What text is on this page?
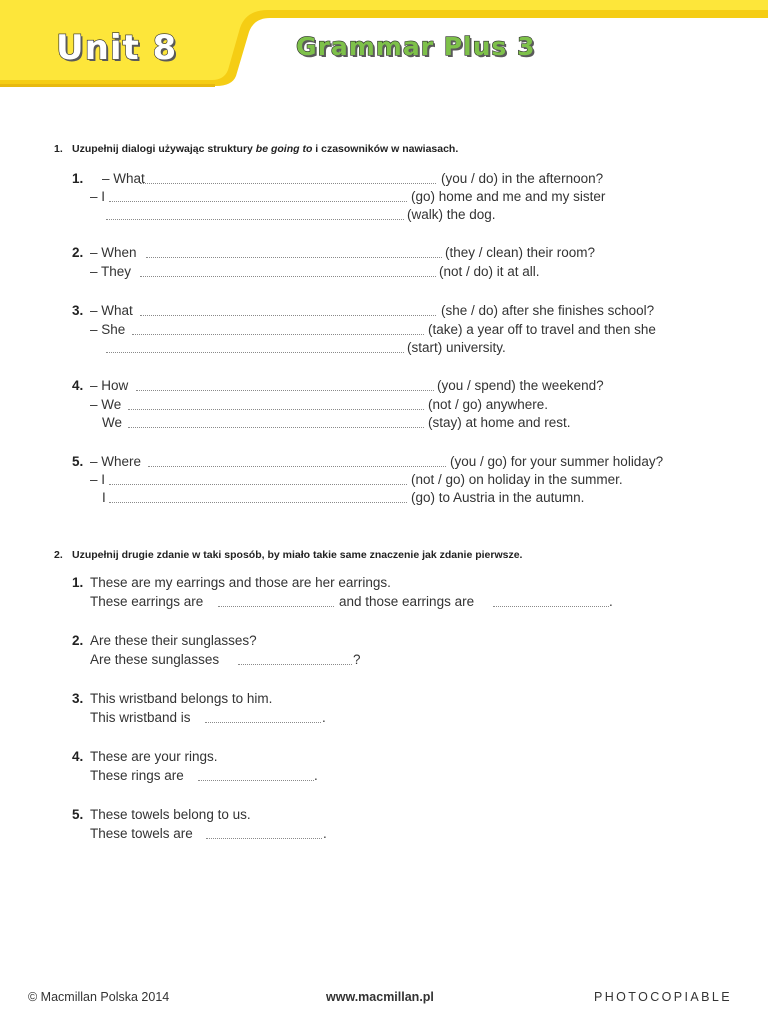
Unit 8	Grammar Plus 3
1. Uzupełnij dialogi używając struktury be going to i czasowników w nawiasach.
1. – What	(you / do) in the afternoon?
– I	(go) home and me and my sister
(walk) the dog.
2. – When	(they / clean) their room?
– They	(not / do) it at all.
3. – What	(she / do) after she finishes school?
– She	(take) a year off to travel and then she
(start) university.
4. – How	(you / spend) the weekend?
– We	(not / go) anywhere.
We	(stay) at home and rest.
5. – Where	(you / go) for your summer holiday?
– I	(not / go) on holiday in the summer.
I	(go) to Austria in the autumn.
2. Uzupełnij drugie zdanie w taki sposób, by miało takie same znaczenie jak zdanie pierwsze.
1. These are my earrings and those are her earrings.
These earrings are	and those earrings are	.
2. Are these their sunglasses?
Are these sunglasses	?
3. This wristband belongs to him.
This wristband is	.
4. These are your rings.
These rings are	.
5. These towels belong to us.
These towels are	.
© Macmillan Polska 2014	www.macmillan.pl	PHOTOCOPIABLE
